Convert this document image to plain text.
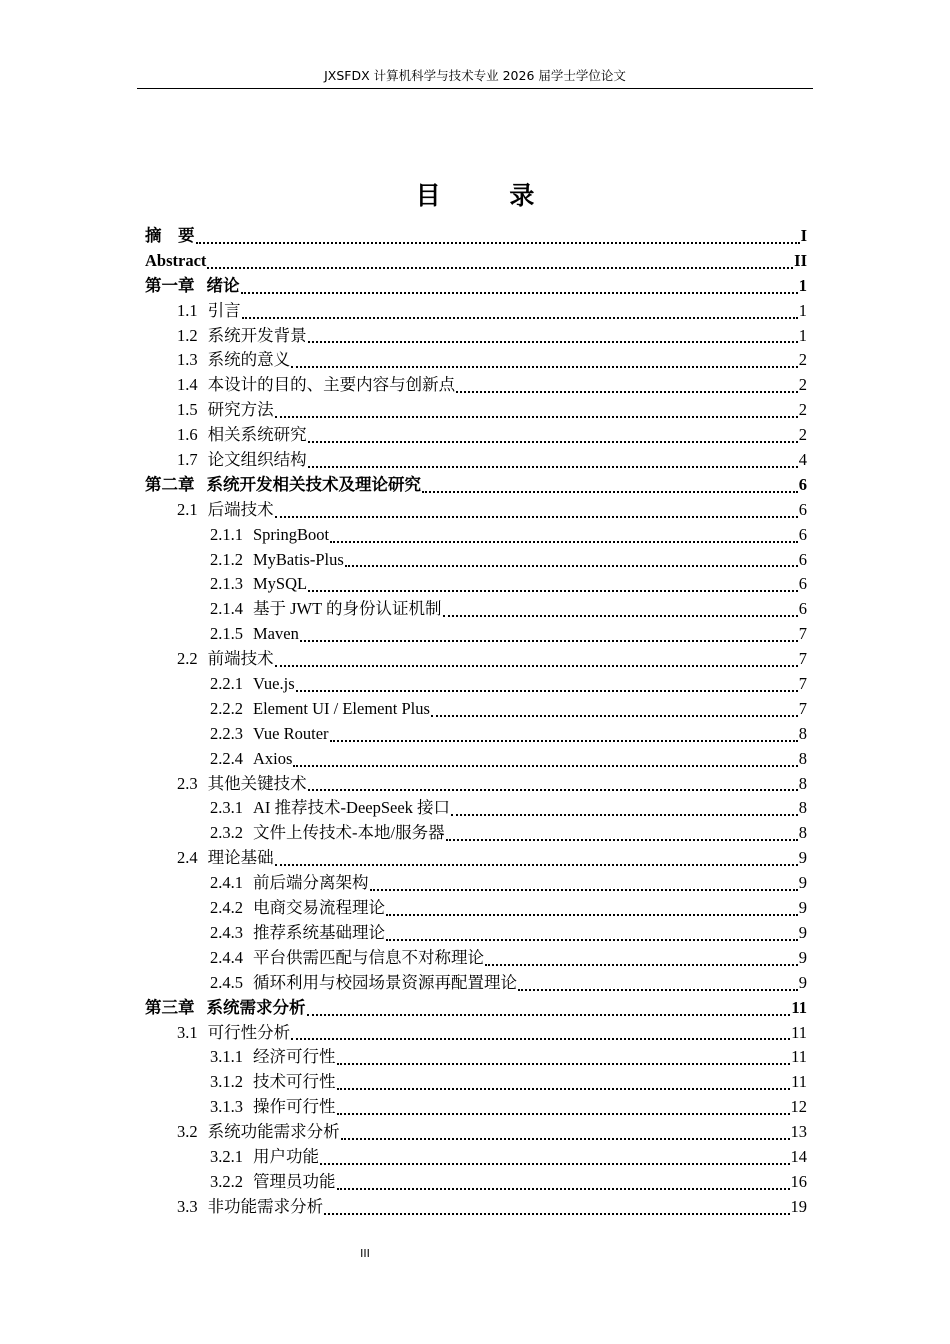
JXSFDX 计算机科学与技术专业 2026 届学士学位论文
目 录
摘　要	I
Abstract	II
第一章 绪论	1
1.1 引言	1
1.2 系统开发背景	1
1.3 系统的意义	2
1.4 本设计的目的、主要内容与创新点	2
1.5 研究方法	2
1.6 相关系统研究	2
1.7 论文组织结构	4
第二章 系统开发相关技术及理论研究	6
2.1 后端技术	6
2.1.1 SpringBoot	6
2.1.2 MyBatis-Plus	6
2.1.3 MySQL	6
2.1.4 基于 JWT 的身份认证机制	6
2.1.5 Maven	7
2.2 前端技术	7
2.2.1 Vue.js	7
2.2.2 Element UI / Element Plus	7
2.2.3 Vue Router	8
2.2.4 Axios	8
2.3 其他关键技术	8
2.3.1 AI 推荐技术-DeepSeek 接口	8
2.3.2 文件上传技术-本地/服务器	8
2.4 理论基础	9
2.4.1 前后端分离架构	9
2.4.2 电商交易流程理论	9
2.4.3 推荐系统基础理论	9
2.4.4 平台供需匹配与信息不对称理论	9
2.4.5 循环利用与校园场景资源再配置理论	9
第三章 系统需求分析	11
3.1 可行性分析	11
3.1.1 经济可行性	11
3.1.2 技术可行性	11
3.1.3 操作可行性	12
3.2 系统功能需求分析	13
3.2.1 用户功能	14
3.2.2 管理员功能	16
3.3 非功能需求分析	19
III
